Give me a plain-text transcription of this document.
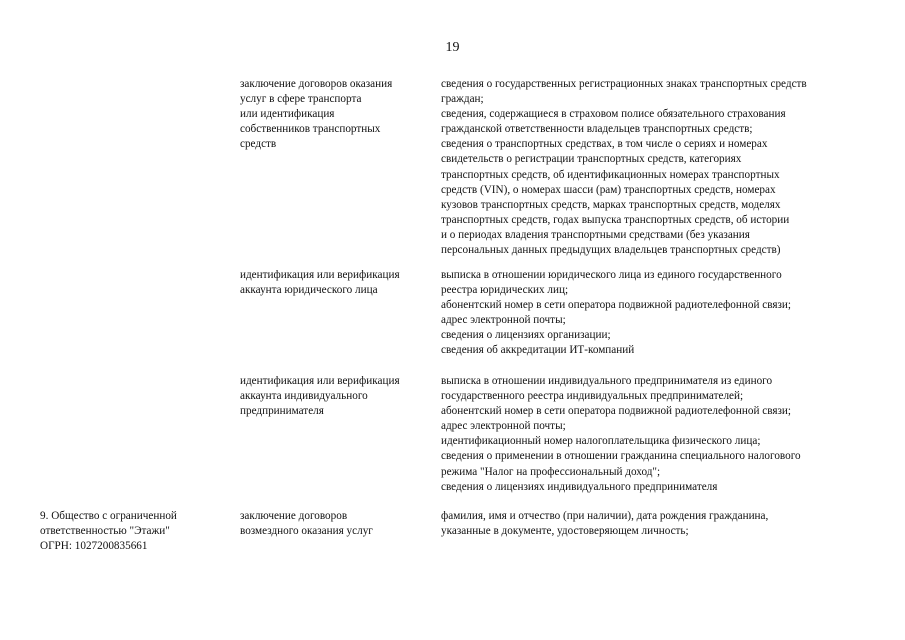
19
заключение договоров оказания
услуг в сфере транспорта
или идентификация
собственников транспортных
средств
сведения о государственных регистрационных знаках транспортных средств
граждан;
сведения, содержащиеся в страховом полисе обязательного страхования
гражданской ответственности владельцев транспортных средств;
сведения о транспортных средствах, в том числе о сериях и номерах
свидетельств о регистрации транспортных средств, категориях
транспортных средств, об идентификационных номерах транспортных
средств (VIN), о номерах шасси (рам) транспортных средств, номерах
кузовов транспортных средств, марках транспортных средств, моделях
транспортных средств, годах выпуска транспортных средств, об истории
и о периодах владения транспортными средствами (без указания
персональных данных предыдущих владельцев транспортных средств)
идентификация или верификация
аккаунта юридического лица
выписка в отношении юридического лица из единого государственного
реестра юридических лиц;
абонентский номер в сети оператора подвижной радиотелефонной связи;
адрес электронной почты;
сведения о лицензиях организации;
сведения об аккредитации ИТ-компаний
идентификация или верификация
аккаунта индивидуального
предпринимателя
выписка в отношении индивидуального предпринимателя из единого
государственного реестра индивидуальных предпринимателей;
абонентский номер в сети оператора подвижной радиотелефонной связи;
адрес электронной почты;
идентификационный номер налогоплательщика физического лица;
сведения о применении в отношении гражданина специального налогового
режима "Налог на профессиональный доход";
сведения о лицензиях индивидуального предпринимателя
9. Общество с ограниченной
ответственностью "Этажи"
ОГРН: 1027200835661
заключение договоров
возмездного оказания услуг
фамилия, имя и отчество (при наличии), дата рождения гражданина,
указанные в документе, удостоверяющем личность;
